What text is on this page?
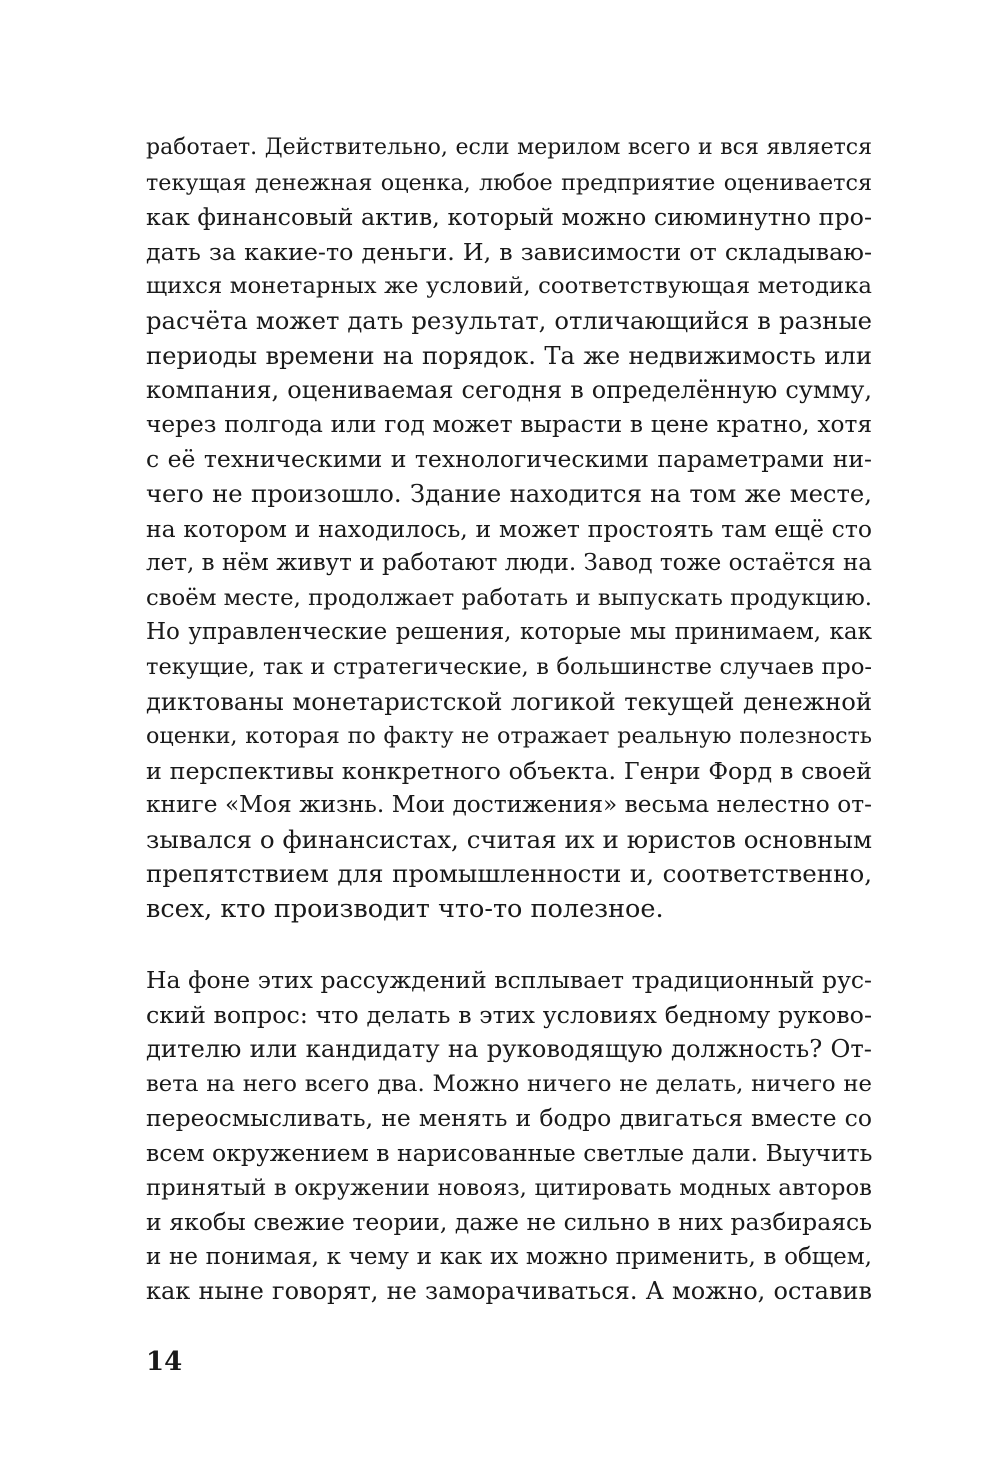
работает. Действительно, если мерилом всего и вся является
текущая денежная оценка, любое предприятие оценивается
как финансовый актив, который можно сиюминутно про-
дать за какие-то деньги. И, в зависимости от складываю-
щихся монетарных же условий, соответствующая методика
расчёта может дать результат, отличающийся в разные
периоды времени на порядок. Та же недвижимость или
компания, оцениваемая сегодня в определённую сумму,
через полгода или год может вырасти в цене кратно, хотя
с её техническими и технологическими параметрами ни-
чего не произошло. Здание находится на том же месте,
на котором и находилось, и может простоять там ещё сто
лет, в нём живут и работают люди. Завод тоже остаётся на
своём месте, продолжает работать и выпускать продукцию.
Но управленческие решения, которые мы принимаем, как
текущие, так и стратегические, в большинстве случаев про-
диктованы монетаристской логикой текущей денежной
оценки, которая по факту не отражает реальную полезность
и перспективы конкретного объекта. Генри Форд в своей
книге «Моя жизнь. Мои достижения» весьма нелестно от-
зывался о финансистах, считая их и юристов основным
препятствием для промышленности и, соответственно,
всех, кто производит что-то полезное.
На фоне этих рассуждений всплывает традиционный рус-
ский вопрос: что делать в этих условиях бедному руково-
дителю или кандидату на руководящую должность? От-
вета на него всего два. Можно ничего не делать, ничего не
переосмысливать, не менять и бодро двигаться вместе со
всем окружением в нарисованные светлые дали. Выучить
принятый в окружении новояз, цитировать модных авторов
и якобы свежие теории, даже не сильно в них разбираясь
и не понимая, к чему и как их можно применить, в общем,
как ныне говорят, не заморачиваться. А можно, оставив
14
